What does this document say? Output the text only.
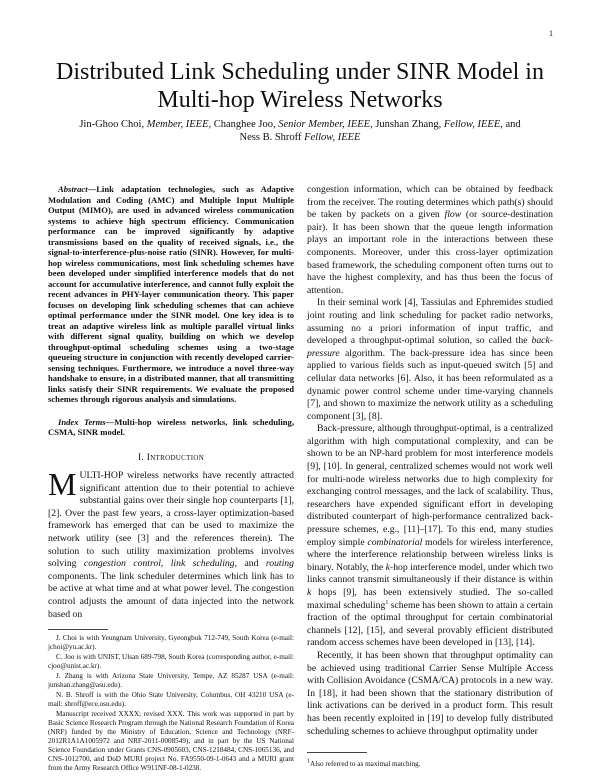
1
Distributed Link Scheduling under SINR Model in Multi-hop Wireless Networks
Jin-Ghoo Choi, Member, IEEE, Changhee Joo, Senior Member, IEEE, Junshan Zhang, Fellow, IEEE, and
Ness B. Shroff Fellow, IEEE

Abstract—Link adaptation technologies, such as Adaptive Modulation and Coding (AMC) and Multiple Input Multiple Output (MIMO), are used in advanced wireless communication systems to achieve high spectrum efficiency. Communication performance can be improved significantly by adaptive transmissions based on the quality of received signals, i.e., the signal-to-interference-plus-noise ratio (SINR). However, for multi-hop wireless communications, most link scheduling schemes have been developed under simplified interference models that do not account for accumulative interference, and cannot fully exploit the recent advances in PHY-layer communication theory. This paper focuses on developing link scheduling schemes that can achieve optimal performance under the SINR model. One key idea is to treat an adaptive wireless link as multiple parallel virtual links with different signal quality, building on which we develop throughput-optimal scheduling schemes using a two-stage queueing structure in conjunction with recently developed carrier-sensing techniques. Furthermore, we introduce a novel three-way handshake to ensure, in a distributed manner, that all transmitting links satisfy their SINR requirements. We evaluate the proposed schemes through rigorous analysis and simulations.

Index Terms—Multi-hop wireless networks, link scheduling, CSMA, SINR model.

I. Introduction

MULTI-HOP wireless networks have recently attracted significant attention due to their potential to achieve substantial gains over their single hop counterparts [1], [2]. Over the past few years, a cross-layer optimization-based framework has emerged that can be used to maximize the network utility (see [3] and the references therein). The solution to such utility maximization problems involves solving congestion control, link scheduling, and routing components. The link scheduler determines which link has to be active at what time and at what power level. The congestion control adjusts the amount of data injected into the network based on

J. Choi is with Yeungnam University, Gyeongbuk 712-749, South Korea (e-mail: jchoi@yu.ac.kr).

C. Joo is with UNIST, Ulsan 689-798, South Korea (corresponding author, e-mail: cjoo@unist.ac.kr).

J. Zhang is with Arizona State University, Tempe, AZ 85287 USA (e-mail: junshan.zhang@asu.edu).

N. B. Shroff is with the Ohio State University, Columbus, OH 43210 USA (e-mail: shroff@ece.osu.edu).

Manuscript received XXXX; revised XXX. This work was supported in part by Basic Science Research Program through the National Research Foundation of Korea (NRF) funded by the Ministry of Education, Science and Technology (NRF-2012R1A1A1005972 and NRF-2011-0008549), and in part by the US National Science Foundation under Grants CNS-0905603, CNS-1218484, CNS-1065136, and CNS-1012700, and DoD MURI project No. FA9550-09-1-0643 and a MURI grant from the Army Research Office W911NF-08-1-0238.

congestion information, which can be obtained by feedback from the receiver. The routing determines which path(s) should be taken by packets on a given flow (or source-destination pair). It has been shown that the queue length information plays an important role in the interactions between these components. Moreover, under this cross-layer optimization based framework, the scheduling component often turns out to have the highest complexity, and has thus been the focus of attention.

In their seminal work [4], Tassiulas and Ephremides studied joint routing and link scheduling for packet radio networks, assuming no a priori information of input traffic, and developed a throughput-optimal solution, so called the back-pressure algorithm. The back-pressure idea has since been applied to various fields such as input-queued switch [5] and cellular data networks [6]. Also, it has been reformulated as a dynamic power control scheme under time-varying channels [7], and shown to maximize the network utility as a scheduling component [3], [8].

Back-pressure, although throughput-optimal, is a centralized algorithm with high computational complexity, and can be shown to be an NP-hard problem for most interference models [9], [10]. In general, centralized schemes would not work well for multi-node wireless networks due to high complexity for exchanging control messages, and the lack of scalability. Thus, researchers have expended significant effort in developing distributed counterpart of high-performance centralized back-pressure schemes, e.g., [11]–[17]. To this end, many studies employ simple combinatorial models for wireless interference, where the interference relationship between wireless links is binary. Notably, the k-hop interference model, under which two links cannot transmit simultaneously if their distance is within k hops [9], has been extensively studied. The so-called maximal scheduling$^1$ scheme has been shown to attain a certain fraction of the optimal throughput for certain combinatorial channels [12], [15], and several provably efficient distributed random access schemes have been developed in [13], [14].

Recently, it has been shown that throughput optimality can be achieved using traditional Carrier Sense Multiple Access with Collision Avoidance (CSMA/CA) protocols in a new way. In [18], it had been shown that the stationary distribution of link activations can be derived in a product form. This result has been recently exploited in [19] to develop fully distributed scheduling schemes to achieve throughput optimality under

$^1$Also referred to as maximal matching.
